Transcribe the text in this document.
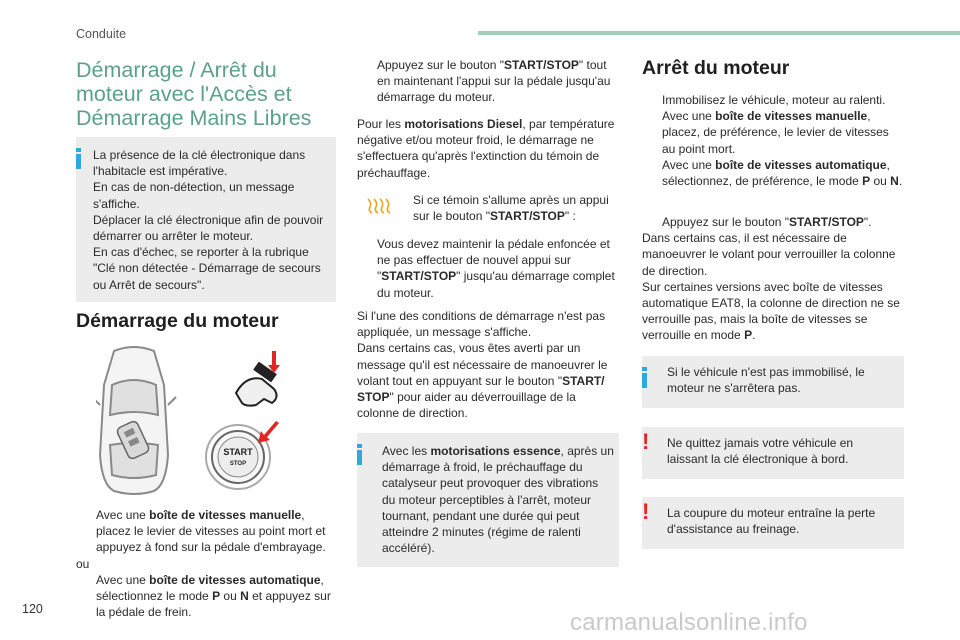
Conduite
Démarrage / Arrêt du moteur avec l'Accès et Démarrage Mains Libres

La présence de la clé électronique dans l'habitacle est impérative.

En cas de non-détection, un message s'affiche.

Déplacer la clé électronique afin de pouvoir démarrer ou arrêter le moteur.

En cas d'échec, se reporter à la rubrique "Clé non détectée - Démarrage de secours ou Arrêt de secours".

Démarrage du moteur
START
STOP
Avec une boîte de vitesses manuelle, placez le levier de vitesses au point mort et appuyez à fond sur la pédale d'embrayage.

ou

Avec une boîte de vitesses automatique, sélectionnez le mode P ou N et appuyez sur la pédale de frein.
Appuyez sur le bouton "START/STOP" tout en maintenant l'appui sur la pédale jusqu'au démarrage du moteur.
Pour les motorisations Diesel, par température négative et/ou moteur froid, le démarrage ne s'effectuera qu'après l'extinction du témoin de préchauffage.
Si ce témoin s'allume après un appui sur le bouton "START/STOP" :
Vous devez maintenir la pédale enfoncée et ne pas effectuer de nouvel appui sur "START/STOP" jusqu'au démarrage complet du moteur.

Si l'une des conditions de démarrage n'est pas appliquée, un message s'affiche.

Dans certains cas, vous êtes averti par un message qu'il est nécessaire de manoeuvrer le volant tout en appuyant sur le bouton "START/ STOP" pour aider au déverrouillage de la colonne de direction.

Avec les motorisations essence, après un démarrage à froid, le préchauffage du catalyseur peut provoquer des vibrations du moteur perceptibles à l'arrêt, moteur tournant, pendant une durée qui peut atteindre 2 minutes (régime de ralenti accéléré).
Arrêt du moteur
Immobilisez le véhicule, moteur au ralenti.
Avec une boîte de vitesses manuelle, placez, de préférence, le levier de vitesses au point mort.
Avec une boîte de vitesses automatique, sélectionnez, de préférence, le mode P ou N.
Appuyez sur le bouton "START/STOP".

Dans certains cas, il est nécessaire de manoeuvrer le volant pour verrouiller la colonne de direction.

Sur certaines versions avec boîte de vitesses automatique EAT8, la colonne de direction ne se verrouille pas, mais la boîte de vitesses se verrouille en mode P.

Si le véhicule n'est pas immobilisé, le moteur ne s'arrêtera pas.
! Ne quittez jamais votre véhicule en laissant la clé électronique à bord.
! La coupure du moteur entraîne la perte d'assistance au freinage.
120	carmanualsonline.info
